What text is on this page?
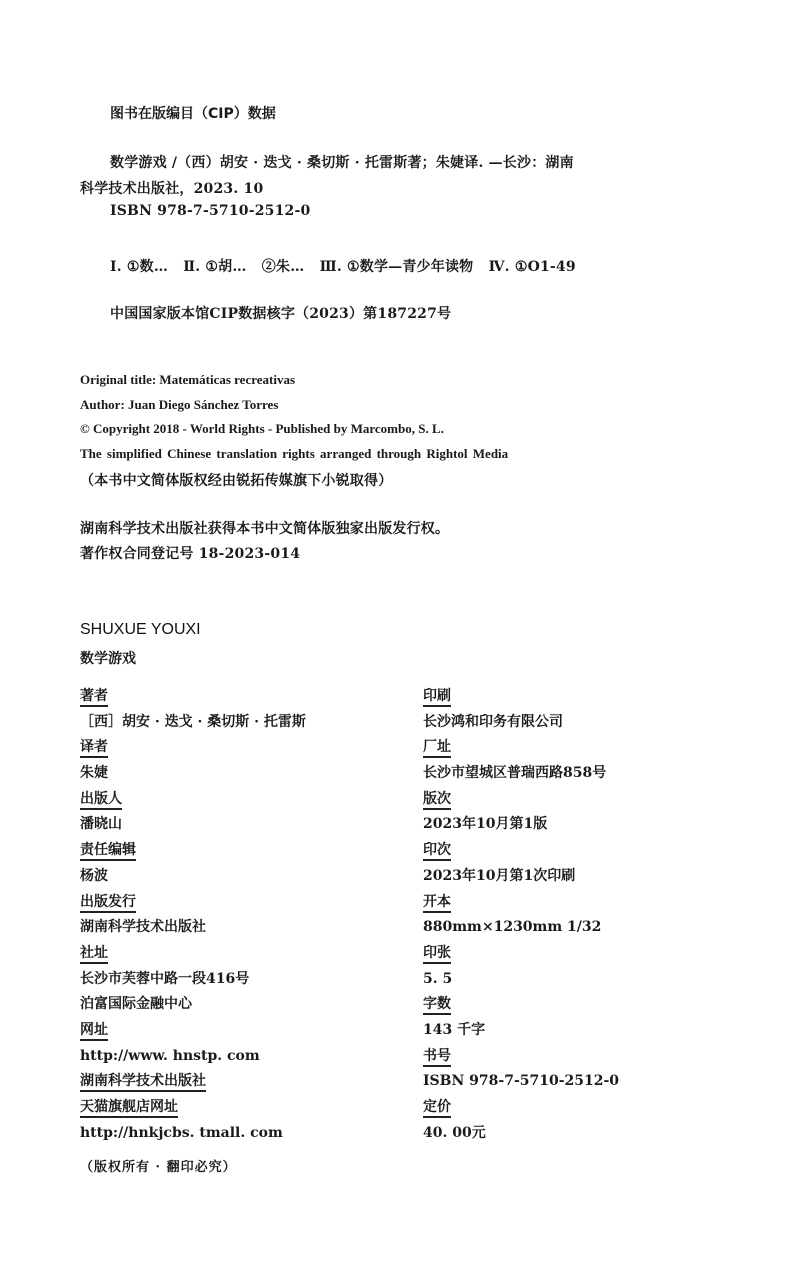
图书在版编目（CIP）数据
数学游戏 /（西）胡安 · 迭戈 · 桑切斯 · 托雷斯著；朱婕译. —长沙：湖南
科学技术出版社，2023. 10
ISBN 978-7-5710-2512-0
Ⅰ. ①数…   Ⅱ. ①胡…   ②朱…   Ⅲ. ①数学—青少年读物   Ⅳ. ①O1-49
中国国家版本馆CIP数据核字（2023）第187227号
Original title: Matemáticas recreativas
Author: Juan Diego Sánchez Torres
© Copyright 2018 - World Rights - Published by Marcombo, S. L.
The simplified Chinese translation rights arranged through Rightol Media
（本书中文简体版权经由锐拓传媒旗下小锐取得）
湖南科学技术出版社获得本书中文简体版独家出版发行权。
著作权合同登记号 18-2023-014
SHUXUE YOUXI
数学游戏
著者
［西］胡安 · 迭戈 · 桑切斯 · 托雷斯
译者
朱婕
出版人
潘晓山
责任编辑
杨波
出版发行
湖南科学技术出版社
社址
长沙市芙蓉中路一段416号
泊富国际金融中心
网址
http://www. hnstp. com
湖南科学技术出版社
天猫旗舰店网址
http://hnkjcbs. tmall. com
印刷
长沙鸿和印务有限公司
厂址
长沙市望城区普瑞西路858号
版次
2023年10月第1版
印次
2023年10月第1次印刷
开本
880mm×1230mm 1/32
印张
5. 5
字数
143 千字
书号
ISBN 978-7-5710-2512-0
定价
40. 00元
（版权所有 · 翻印必究）
